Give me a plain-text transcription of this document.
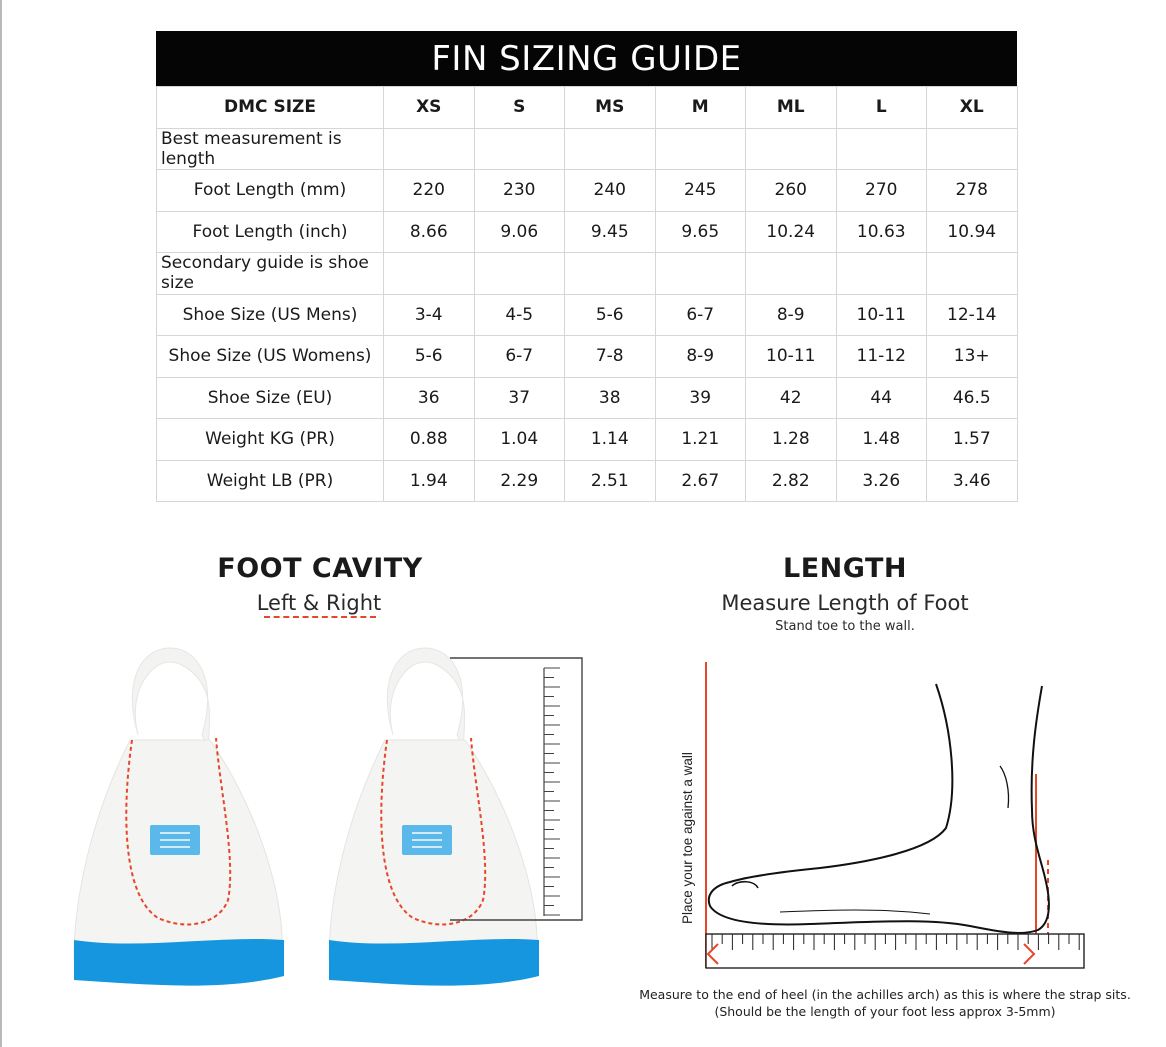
FIN SIZING GUIDE
DMC SIZE	XS	S	MS	M	ML	L	XL
Best measurement is length							
Foot Length (mm)	220	230	240	245	260	270	278
Foot Length (inch)	8.66	9.06	9.45	9.65	10.24	10.63	10.94
Secondary guide is shoe size							
Shoe Size (US Mens)	3-4	4-5	5-6	6-7	8-9	10-11	12-14
Shoe Size (US Womens)	5-6	6-7	7-8	8-9	10-11	11-12	13+
Shoe Size (EU)	36	37	38	39	42	44	46.5
Weight KG (PR)	0.88	1.04	1.14	1.21	1.28	1.48	1.57
Weight LB (PR)	1.94	2.29	2.51	2.67	2.82	3.26	3.46
FOOT CAVITY
Left & Right
LENGTH
Measure Length of Foot
Stand toe to the wall.
Place your toe against a wall
Measure to the end of heel (in the achilles arch) as this is where the strap sits.
(Should be the length of your foot less approx 3-5mm)
